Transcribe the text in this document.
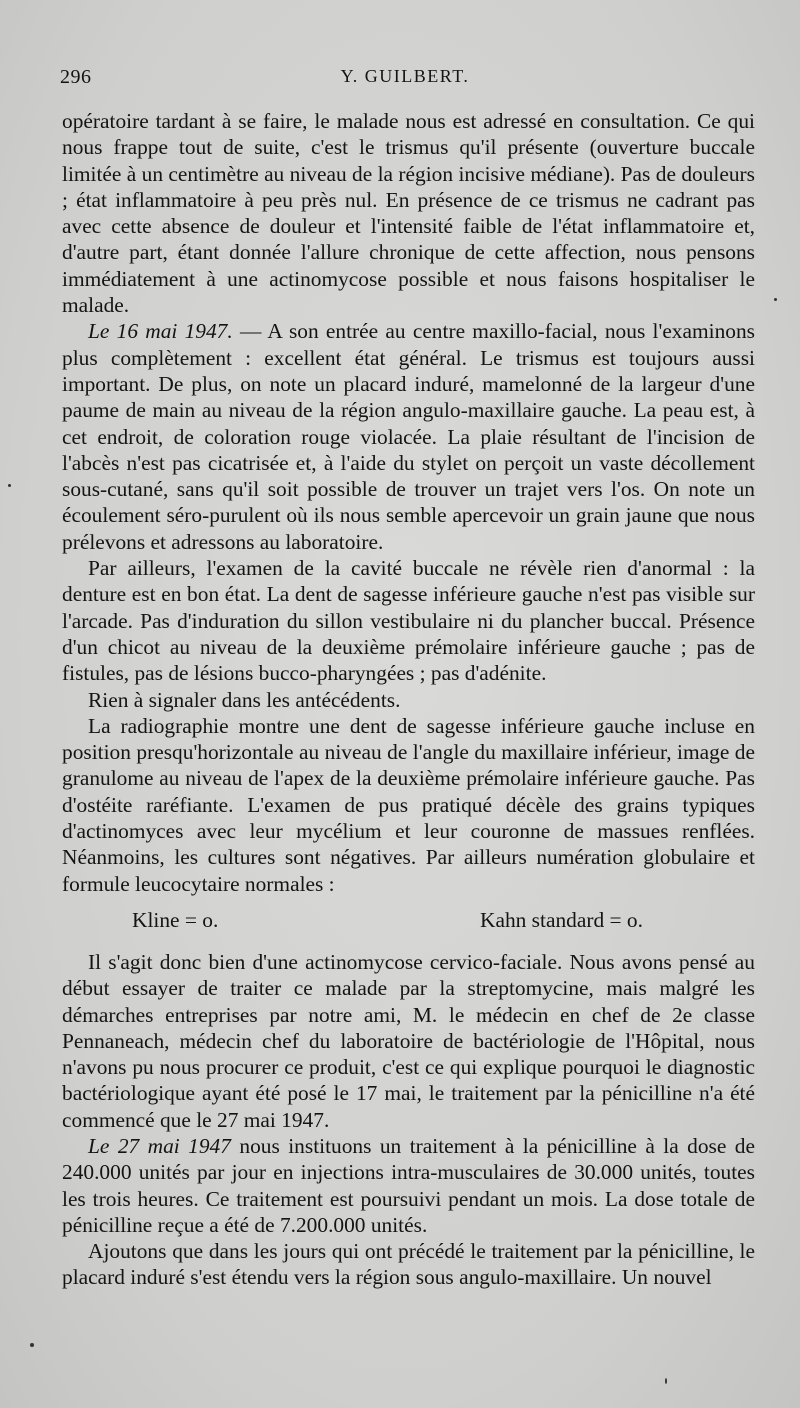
296	Y. GUILBERT.

opératoire tardant à se faire, le malade nous est adressé en consultation. Ce qui nous frappe tout de suite, c'est le trismus qu'il présente (ouverture buccale limitée à un centimètre au niveau de la région incisive médiane). Pas de douleurs ; état inflammatoire à peu près nul. En présence de ce trismus ne cadrant pas avec cette absence de douleur et l'intensité faible de l'état inflammatoire et, d'autre part, étant donnée l'allure chronique de cette affection, nous pensons immédiatement à une actinomycose possible et nous faisons hospitaliser le malade.

Le 16 mai 1947. — A son entrée au centre maxillo-facial, nous l'examinons plus complètement : excellent état général. Le trismus est toujours aussi important. De plus, on note un placard induré, mamelonné de la largeur d'une paume de main au niveau de la région angulo-maxillaire gauche. La peau est, à cet endroit, de coloration rouge violacée. La plaie résultant de l'incision de l'abcès n'est pas cicatrisée et, à l'aide du stylet on perçoit un vaste décollement sous-cutané, sans qu'il soit possible de trouver un trajet vers l'os. On note un écoulement séro-purulent où ils nous semble apercevoir un grain jaune que nous prélevons et adressons au laboratoire.

Par ailleurs, l'examen de la cavité buccale ne révèle rien d'anormal : la denture est en bon état. La dent de sagesse inférieure gauche n'est pas visible sur l'arcade. Pas d'induration du sillon vestibulaire ni du plancher buccal. Présence d'un chicot au niveau de la deuxième prémolaire inférieure gauche ; pas de fistules, pas de lésions bucco-pharyngées ; pas d'adénite.

Rien à signaler dans les antécédents.

La radiographie montre une dent de sagesse inférieure gauche incluse en position presqu'horizontale au niveau de l'angle du maxillaire inférieur, image de granulome au niveau de l'apex de la deuxième prémolaire inférieure gauche. Pas d'ostéite raréfiante. L'examen de pus pratiqué décèle des grains typiques d'actinomyces avec leur mycélium et leur couronne de massues renflées. Néanmoins, les cultures sont négatives. Par ailleurs numération globulaire et formule leucocytaire normales :

Kline = o.	Kahn standard = o.

Il s'agit donc bien d'une actinomycose cervico-faciale. Nous avons pensé au début essayer de traiter ce malade par la streptomycine, mais malgré les démarches entreprises par notre ami, M. le médecin en chef de 2e classe Pennaneach, médecin chef du laboratoire de bactériologie de l'Hôpital, nous n'avons pu nous procurer ce produit, c'est ce qui explique pourquoi le diagnostic bactériologique ayant été posé le 17 mai, le traitement par la pénicilline n'a été commencé que le 27 mai 1947.

Le 27 mai 1947 nous instituons un traitement à la pénicilline à la dose de 240.000 unités par jour en injections intra-musculaires de 30.000 unités, toutes les trois heures. Ce traitement est poursuivi pendant un mois. La dose totale de pénicilline reçue a été de 7.200.000 unités.

Ajoutons que dans les jours qui ont précédé le traitement par la pénicilline, le placard induré s'est étendu vers la région sous angulo-maxillaire. Un nouvel
